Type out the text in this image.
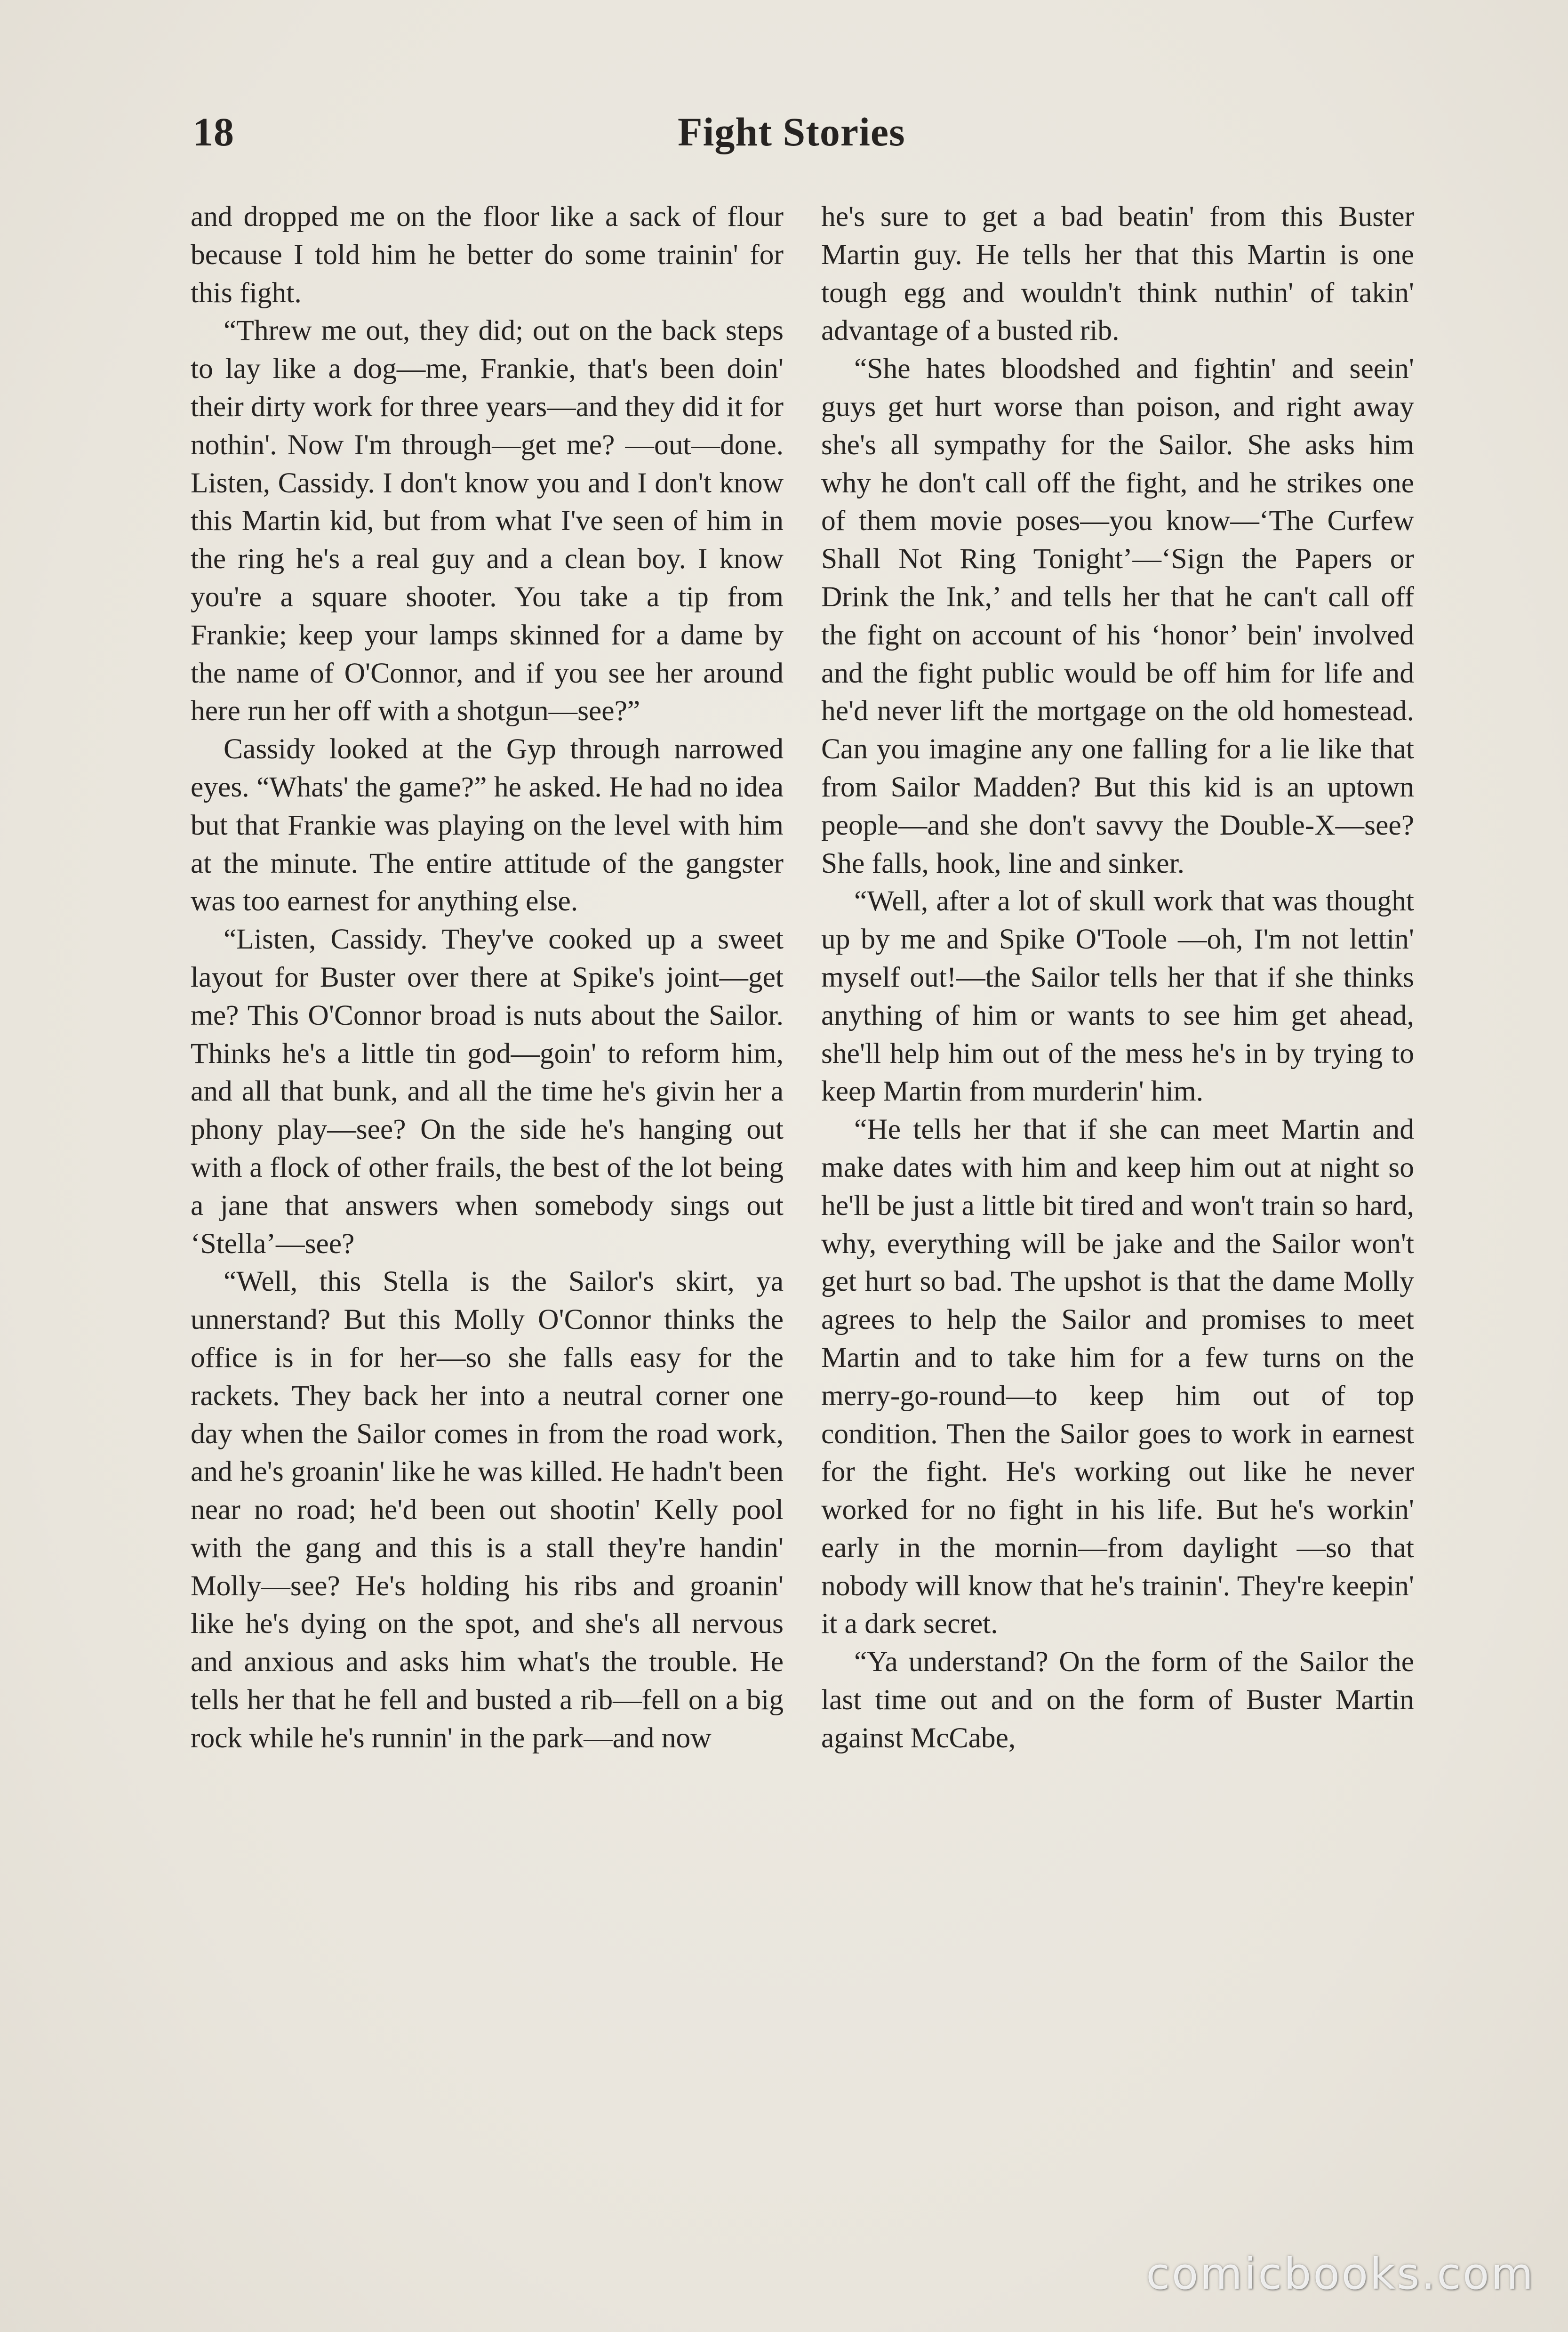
18	Fight Stories

and dropped me on the floor like a sack of flour because I told him he better do some trainin' for this fight.

“Threw me out, they did; out on the back steps to lay like a dog—me, Frankie, that's been doin' their dirty work for three years—and they did it for nothin'. Now I'm through—get me? —out—done. Listen, Cassidy. I don't know you and I don't know this Martin kid, but from what I've seen of him in the ring he's a real guy and a clean boy. I know you're a square shooter. You take a tip from Frankie; keep your lamps skinned for a dame by the name of O'Connor, and if you see her around here run her off with a shotgun—see?”

Cassidy looked at the Gyp through narrowed eyes. “Whats' the game?” he asked. He had no idea but that Frankie was playing on the level with him at the minute. The entire attitude of the gangster was too earnest for anything else.

“Listen, Cassidy. They've cooked up a sweet layout for Buster over there at Spike's joint—get me? This O'Connor broad is nuts about the Sailor. Thinks he's a little tin god—goin' to reform him, and all that bunk, and all the time he's givin her a phony play—see? On the side he's hanging out with a flock of other frails, the best of the lot being a jane that answers when somebody sings out ‘Stella’—see?

“Well, this Stella is the Sailor's skirt, ya unnerstand? But this Molly O'Connor thinks the office is in for her—so she falls easy for the rackets. They back her into a neutral corner one day when the Sailor comes in from the road work, and he's groanin' like he was killed. He hadn't been near no road; he'd been out shootin' Kelly pool with the gang and this is a stall they're handin' Molly—see? He's holding his ribs and groanin' like he's dying on the spot, and she's all nervous and anxious and asks him what's the trouble. He tells her that he fell and busted a rib—fell on a big rock while he's runnin' in the park—and now

he's sure to get a bad beatin' from this Buster Martin guy. He tells her that this Martin is one tough egg and wouldn't think nuthin' of takin' advantage of a busted rib.

“She hates bloodshed and fightin' and seein' guys get hurt worse than poison, and right away she's all sympathy for the Sailor. She asks him why he don't call off the fight, and he strikes one of them movie poses—you know—‘The Curfew Shall Not Ring Tonight’—‘Sign the Papers or Drink the Ink,’ and tells her that he can't call off the fight on account of his ‘honor’ bein' involved and the fight public would be off him for life and he'd never lift the mortgage on the old homestead. Can you imagine any one falling for a lie like that from Sailor Madden? But this kid is an uptown people—and she don't savvy the Double-X—see? She falls, hook, line and sinker.

“Well, after a lot of skull work that was thought up by me and Spike O'Toole —oh, I'm not lettin' myself out!—the Sailor tells her that if she thinks anything of him or wants to see him get ahead, she'll help him out of the mess he's in by trying to keep Martin from murderin' him.

“He tells her that if she can meet Martin and make dates with him and keep him out at night so he'll be just a little bit tired and won't train so hard, why, everything will be jake and the Sailor won't get hurt so bad. The upshot is that the dame Molly agrees to help the Sailor and promises to meet Martin and to take him for a few turns on the merry-go-round—to keep him out of top condition. Then the Sailor goes to work in earnest for the fight. He's working out like he never worked for no fight in his life. But he's workin' early in the mornin—from daylight —so that nobody will know that he's trainin'. They're keepin' it a dark secret.

“Ya understand? On the form of the Sailor the last time out and on the form of Buster Martin against McCabe,

comicbooks.com
